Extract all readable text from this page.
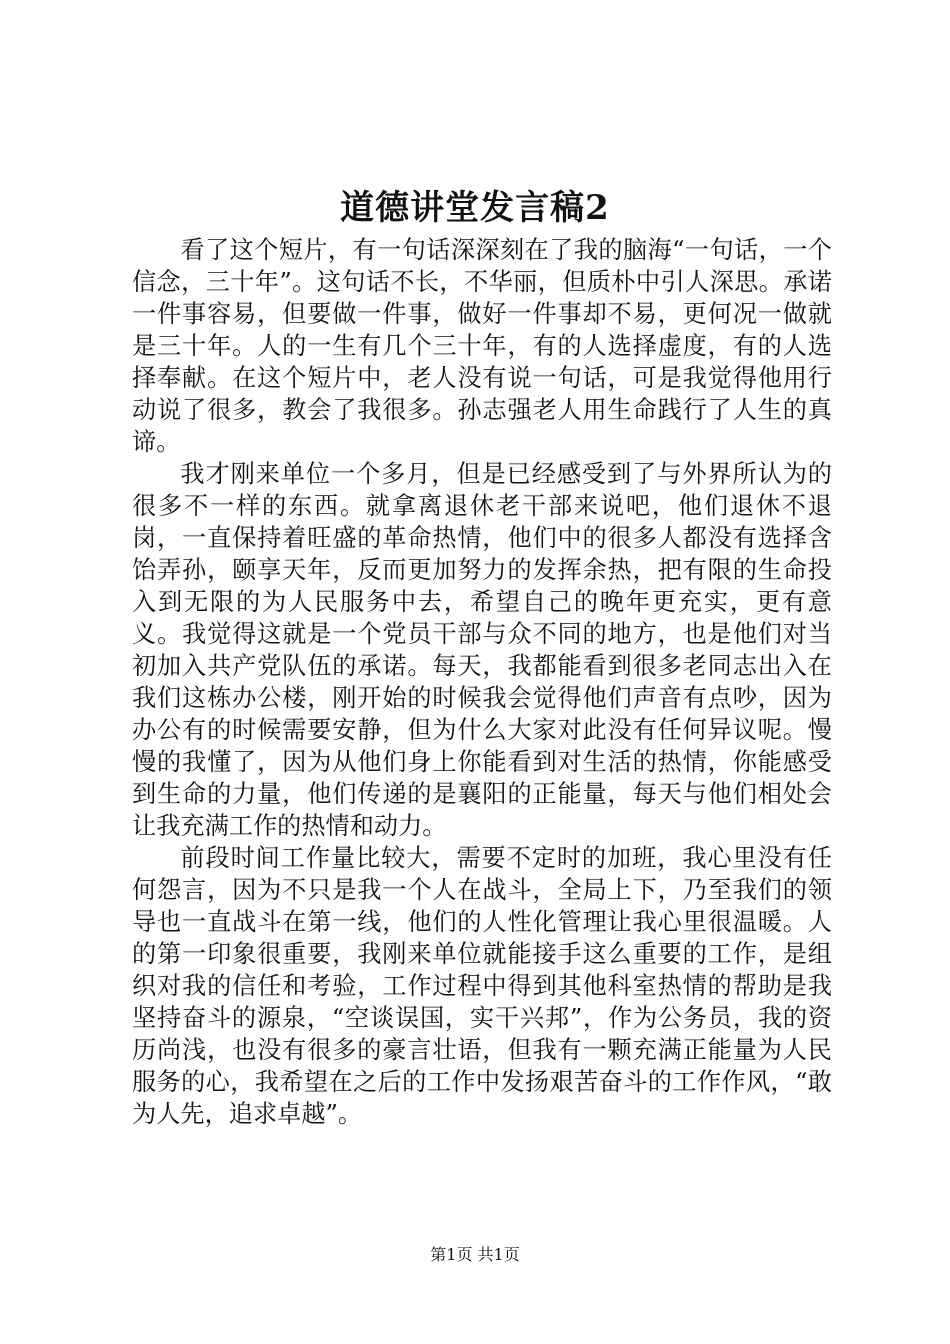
道德讲堂发言稿2

看了这个短片，有一句话深深刻在了我的脑海“一句话，一个信念，三十年”。这句话不长，不华丽，但质朴中引人深思。承诺一件事容易，但要做一件事，做好一件事却不易，更何况一做就是三十年。人的一生有几个三十年，有的人选择虚度，有的人选择奉献。在这个短片中，老人没有说一句话，可是我觉得他用行动说了很多，教会了我很多。孙志强老人用生命践行了人生的真谛。

我才刚来单位一个多月，但是已经感受到了与外界所认为的很多不一样的东西。就拿离退休老干部来说吧，他们退休不退岗，一直保持着旺盛的革命热情，他们中的很多人都没有选择含饴弄孙，颐享天年，反而更加努力的发挥余热，把有限的生命投入到无限的为人民服务中去，希望自己的晚年更充实，更有意义。我觉得这就是一个党员干部与众不同的地方，也是他们对当初加入共产党队伍的承诺。每天，我都能看到很多老同志出入在我们这栋办公楼，刚开始的时候我会觉得他们声音有点吵，因为办公有的时候需要安静，但为什么大家对此没有任何异议呢。慢慢的我懂了，因为从他们身上你能看到对生活的热情，你能感受到生命的力量，他们传递的是襄阳的正能量，每天与他们相处会让我充满工作的热情和动力。

前段时间工作量比较大，需要不定时的加班，我心里没有任何怨言，因为不只是我一个人在战斗，全局上下，乃至我们的领导也一直战斗在第一线，他们的人性化管理让我心里很温暖。人的第一印象很重要，我刚来单位就能接手这么重要的工作，是组织对我的信任和考验，工作过程中得到其他科室热情的帮助是我坚持奋斗的源泉，“空谈误国，实干兴邦”，作为公务员，我的资历尚浅，也没有很多的豪言壮语，但我有一颗充满正能量为人民服务的心，我希望在之后的工作中发扬艰苦奋斗的工作作风，“敢为人先，追求卓越”。

第1页 共1页
